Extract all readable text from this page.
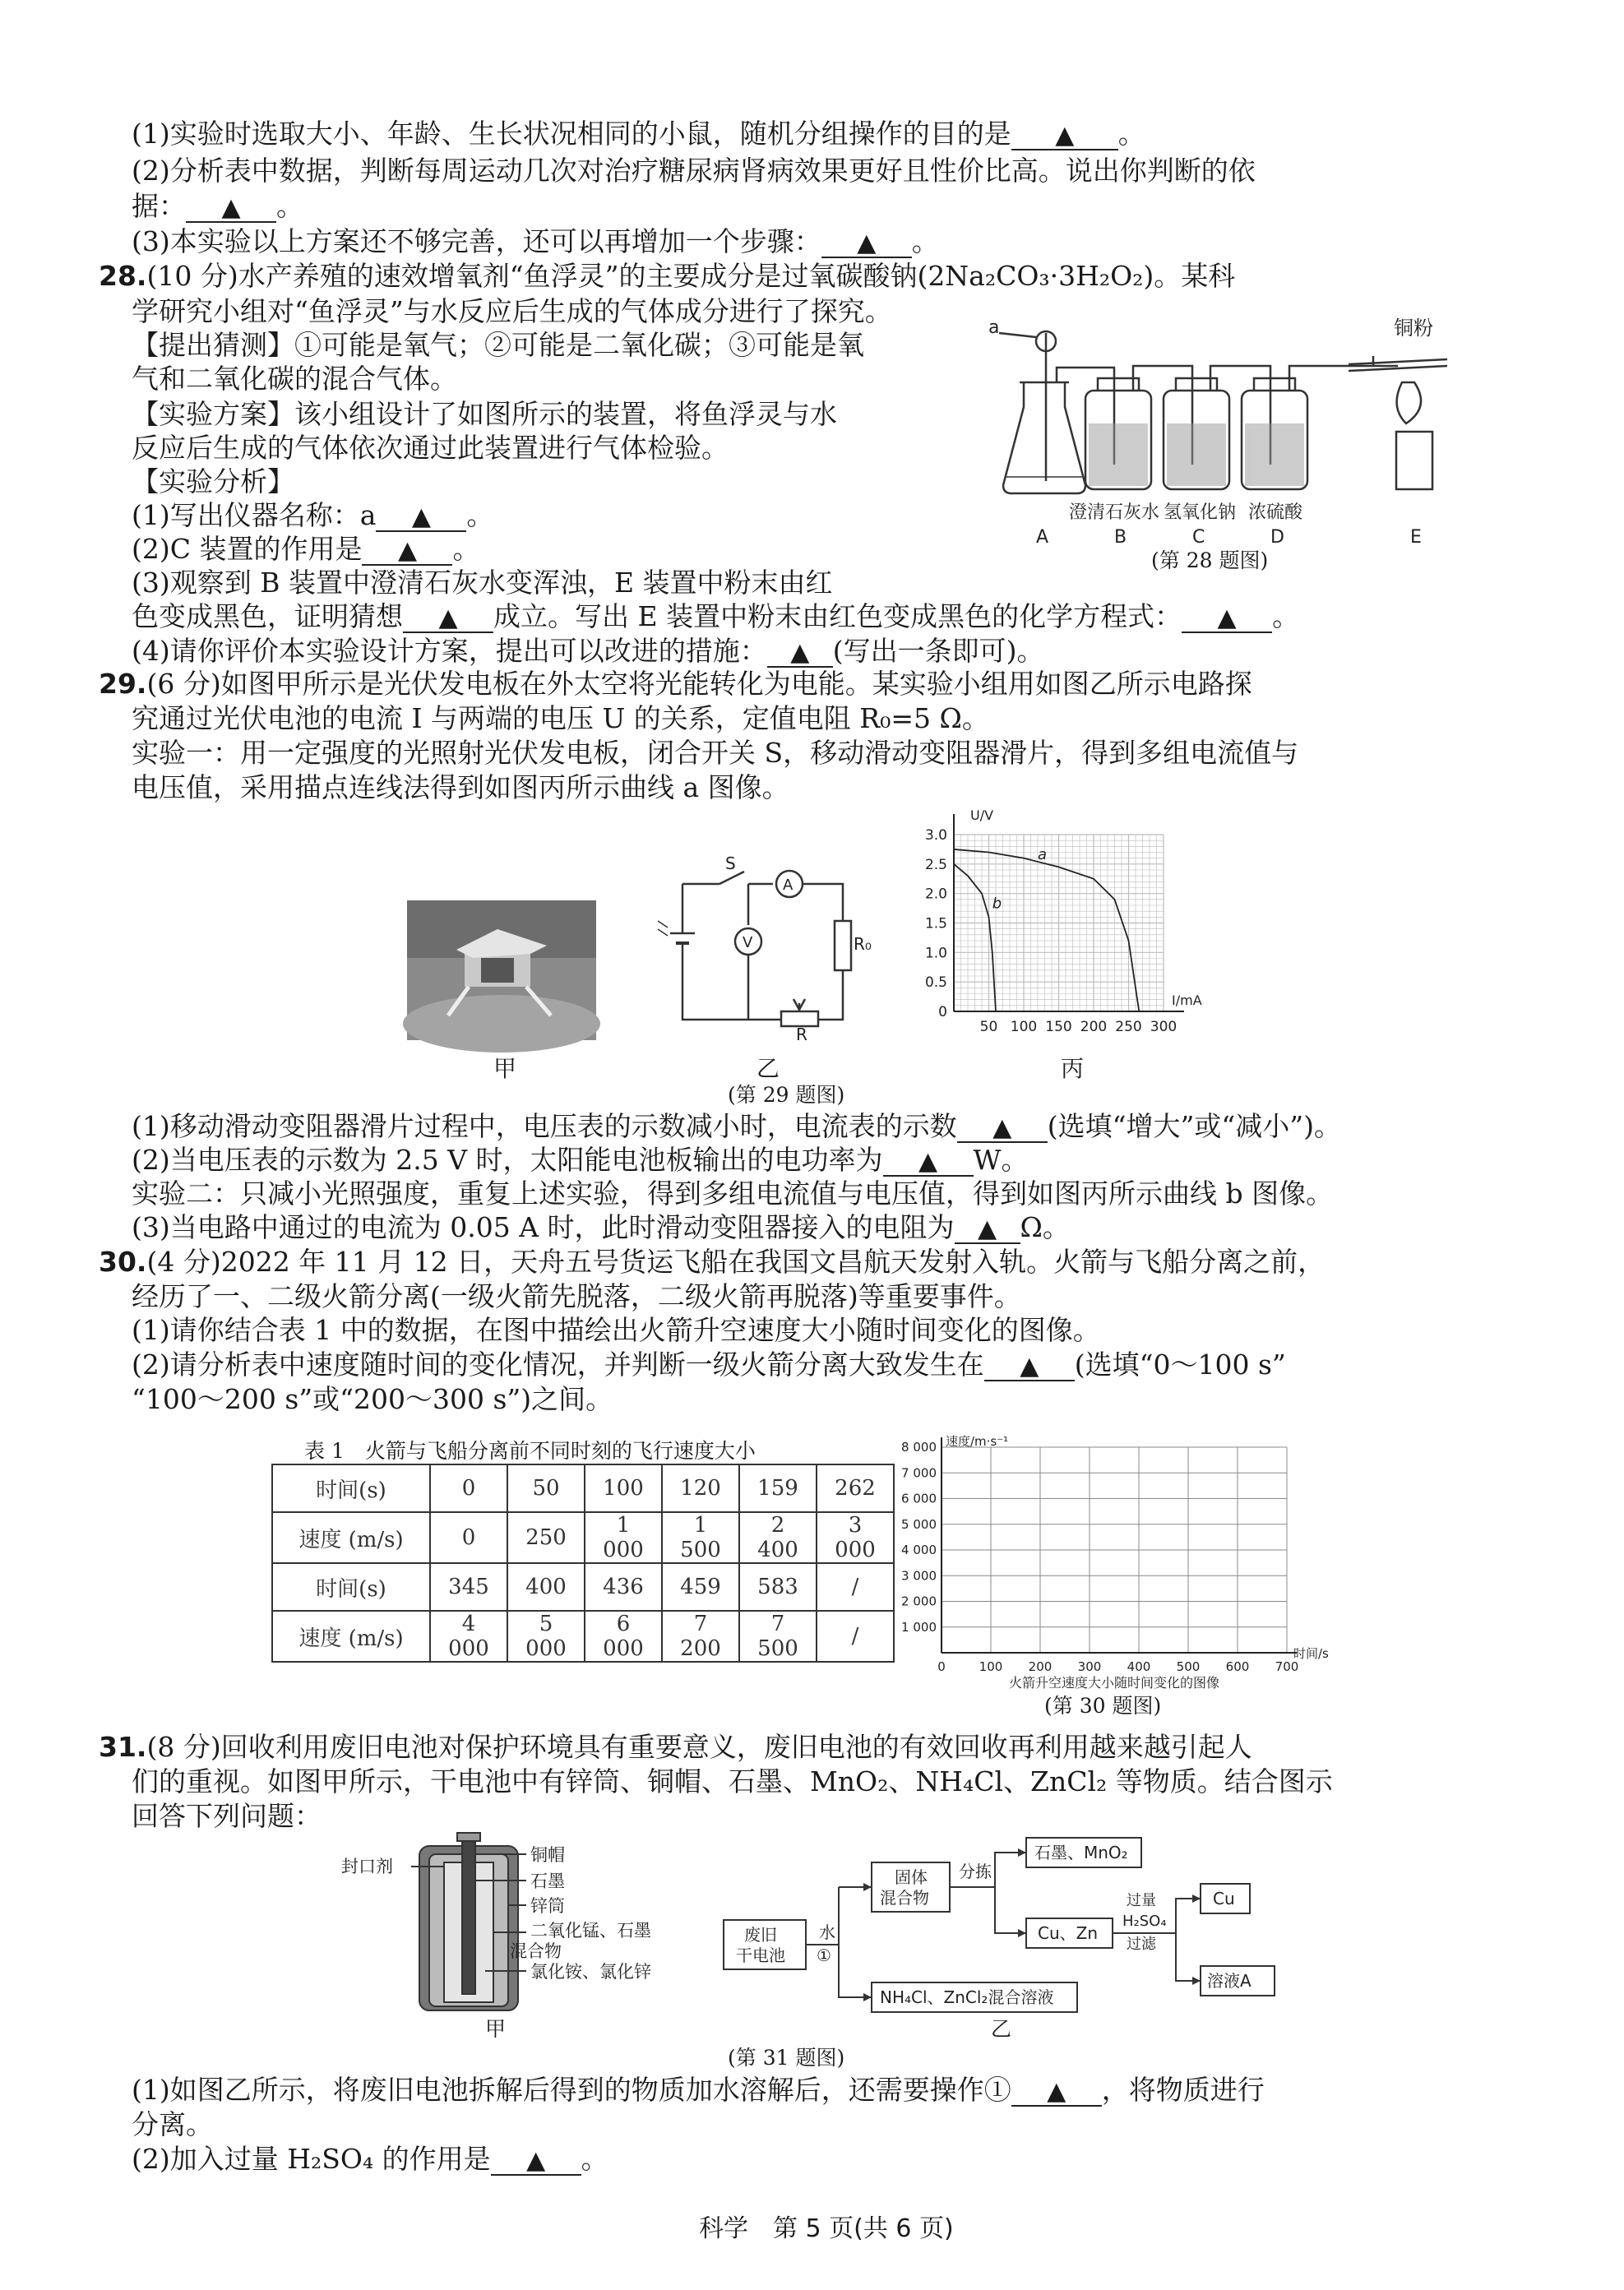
(1)实验时选取大小、年龄、生长状况相同的小鼠，随机分组操作的目的是 ▲ 。
(2)分析表中数据，判断每周运动几次对治疗糖尿病肾病效果更好且性价比高。说出你判断的依
据： ▲ 。
(3)本实验以上方案还不够完善，还可以再增加一个步骤： ▲ 。
28.(10 分)水产养殖的速效增氧剂“鱼浮灵”的主要成分是过氧碳酸钠(2Na₂CO₃·3H₂O₂)。某科
学研究小组对“鱼浮灵”与水反应后生成的气体成分进行了探究。
【提出猜测】①可能是氧气；②可能是二氧化碳；③可能是氧
气和二氧化碳的混合气体。
【实验方案】该小组设计了如图所示的装置，将鱼浮灵与水
反应后生成的气体依次通过此装置进行气体检验。
【实验分析】
(1)写出仪器名称：a ▲ 。
(2)C 装置的作用是 ▲ 。
(3)观察到 B 装置中澄清石灰水变浑浊，E 装置中粉末由红
色变成黑色，证明猜想 ▲ 成立。写出 E 装置中粉末由红色变成黑色的化学方程式： ▲ 。
(4)请你评价本实验设计方案，提出可以改进的措施： ▲ (写出一条即可)。
a	铜粉
澄清石灰水 氢氧化钠 浓硫酸
A	B	C	D	E
(第 28 题图)
29.(6 分)如图甲所示是光伏发电板在外太空将光能转化为电能。某实验小组用如图乙所示电路探
究通过光伏电池的电流 I 与两端的电压 U 的关系，定值电阻 R₀=5 Ω。
实验一：用一定强度的光照射光伏发电板，闭合开关 S，移动滑动变阻器滑片，得到多组电流值与
电压值，采用描点连线法得到如图丙所示曲线 a 图像。
甲
S
A
V	R₀
R
乙
U/V
I/mA
3.0
2.5
2.0
1.5
1.0
0.5
0
50 100 150 200 250 300
a
b
丙
(第 29 题图)
(1)移动滑动变阻器滑片过程中，电压表的示数减小时，电流表的示数 ▲ (选填“增大”或“减小”)。
(2)当电压表的示数为 2.5 V 时，太阳能电池板输出的电功率为 ▲ W。
实验二：只减小光照强度，重复上述实验，得到多组电流值与电压值，得到如图丙所示曲线 b 图像。
(3)当电路中通过的电流为 0.05 A 时，此时滑动变阻器接入的电阻为 ▲ Ω。
30.(4 分)2022 年 11 月 12 日，天舟五号货运飞船在我国文昌航天发射入轨。火箭与飞船分离之前，
经历了一、二级火箭分离(一级火箭先脱落，二级火箭再脱落)等重要事件。
(1)请你结合表 1 中的数据，在图中描绘出火箭升空速度大小随时间变化的图像。
(2)请分析表中速度随时间的变化情况，并判断一级火箭分离大致发生在 ▲ (选填“0～100 s”
“100～200 s”或“200～300 s”)之间。
表 1　火箭与飞船分离前不同时刻的飞行速度大小
时间(s)	0	50	100	120	159	262
速度 (m/s)	0	250	1 000	1 500	2 400	3 000
时间(s)	345	400	436	459	583	/
速度 (m/s)	4 000	5 000	6 000	7 200	7 500	/
速度/m·s⁻¹
时间/s
8 000
7 000
6 000
5 000
4 000
3 000
2 000
1 000
0	100 200 300 400 500 600 700
火箭升空速度大小随时间变化的图像
(第 30 题图)
31.(8 分)回收利用废旧电池对保护环境具有重要意义，废旧电池的有效回收再利用越来越引起人
们的重视。如图甲所示，干电池中有锌筒、铜帽、石墨、MnO₂、NH₄Cl、ZnCl₂ 等物质。结合图示
回答下列问题：
封口剂
铜帽
石墨
锌筒
二氧化锰、石墨
混合物
氯化铵、氯化锌
甲
废旧
干电池
水
①
固体
混合物
分拣
石墨、MnO₂
Cu、Zn
过量
H₂SO₄
过滤
Cu
溶液A
NH₄Cl、ZnCl₂混合溶液
乙
(第 31 题图)
(1)如图乙所示，将废旧电池拆解后得到的物质加水溶解后，还需要操作① ▲ ，将物质进行
分离。
(2)加入过量 H₂SO₄ 的作用是 ▲ 。
科学　第 5 页(共 6 页)
